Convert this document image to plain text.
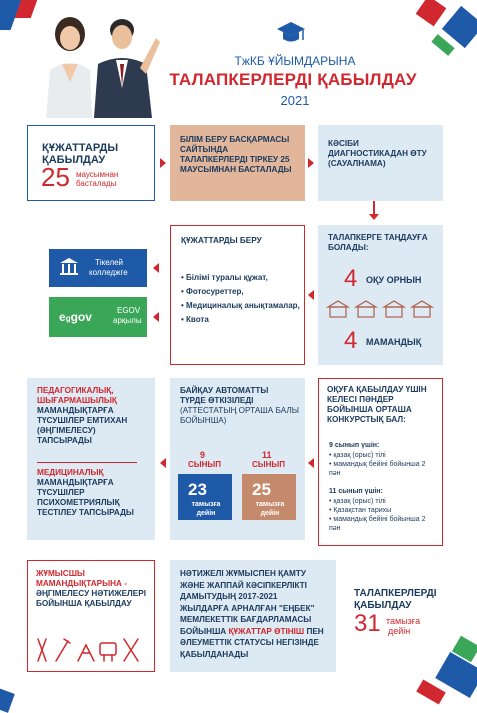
ТжКБ ҰЙЫМДАРЫНА
ТАЛАПКЕРЛЕРДІ ҚАБЫЛДАУ
2021
ҚҰЖАТТАРДЫ
ҚАБЫЛДАУ
25 маусымнан
басталады
БІЛІМ БЕРУ БАСҚАРМАСЫ САЙТЫНДА ТАЛАПКЕРЛЕРДІ ТІРКЕУ 25 МАУСЫМНАН БАСТАЛАДЫ
КӘСІБИ ДИАГНОСТИКАДАН ӨТУ (САУАЛНАМА)
Тікелей
колледжге
eggov	EGOV
арқылы
ҚҰЖАТТАРДЫ БЕРУ
• Білімі туралы құжат,
• Фотосуреттер,
• Медициналық анықтамалар,
• Квота
ТАЛАПКЕРГЕ ТАҢДАУҒА БОЛАДЫ:
4 ОҚУ ОРНЫН
4 МАМАНДЫҚ
ПЕДАГОГИКАЛЫҚ, ШЫҒАРМАШЫЛЫҚ МАМАНДЫҚТАРҒА ТҮСУШІЛЕР ЕМТИХАН (ӘҢГІМЕЛЕСУ) ТАПСЫРАДЫ
МЕДИЦИНАЛЫҚ МАМАНДЫҚТАРҒА ТҮСУШІЛЕР ПСИХОМЕТРИЯЛЫҚ ТЕСТІЛЕУ ТАПСЫРАДЫ
БАЙҚАУ АВТОМАТТЫ ТҮРДЕ ӨТКІЗІЛЕДІ
(АТТЕСТАТЫҢ ОРТАША БАЛЫ БОЙЫНША)
9
СЫНЫП
11
СЫНЫП
23
тамызға дейін
25
тамызға дейін
ОҚУҒА ҚАБЫЛДАУ ҮШІН КЕЛЕСІ ПӘНДЕР БОЙЫНША ОРТАША КОНКУРСТЫҚ БАЛ:
9 сынып үшін:
• қазақ (орыс) тілі
• мамандық бейіні бойынша 2 пән
11 сынып үшін:
• қазақ (орыс) тілі
• Қазақстан тарихы
• мамандық бейіні бойынша 2 пән
ЖҰМЫСШЫ МАМАНДЫҚТАРЫНА - ӘҢГІМЕЛЕСУ НӘТИЖЕЛЕРІ БОЙЫНША ҚАБЫЛДАУ
НӘТИЖЕЛІ ЖҰМЫСПЕН ҚАМТУ ЖӘНЕ ЖАППАЙ КӘСІПКЕРЛІКТІ ДАМЫТУДЫҢ 2017-2021 ЖЫЛДАРҒА АРНАЛҒАН "ЕҢБЕК" МЕМЛЕКЕТТІК БАҒДАРЛАМАСЫ БОЙЫНША ҚҰЖАТТАР ӨТІНІШ ПЕН ӘЛЕУМЕТТІК СТАТУСЫ НЕГІЗІНДЕ ҚАБЫЛДАНАДЫ
ТАЛАПКЕРЛЕРДІ
ҚАБЫЛДАУ
31 тамызға
дейін
